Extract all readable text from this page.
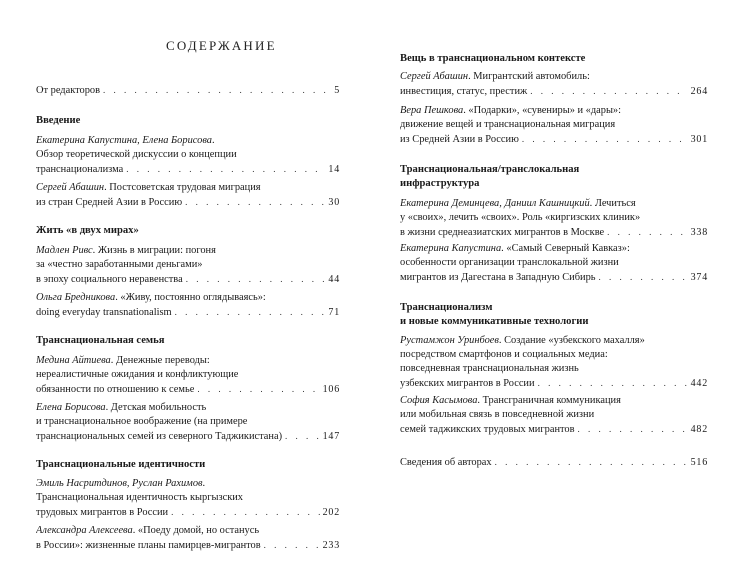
СОДЕРЖАНИЕ
От редакторов . . .	5
Введение
Екатерина Капустина, Елена Борисова.
Обзор теоретической дискуссии о концепции
транснационализма . . .	14
Сергей Абашин. Постсоветская трудовая миграция
из стран Средней Азии в Россию . . .	30
Жить «в двух мирах»
Мадлен Ривс. Жизнь в миграции: погоня
за «честно заработанными деньгами»
в эпоху социального неравенства . . .	44
Ольга Бредникова. «Живу, постоянно оглядываясь»:
doing everyday transnationalism . . .	71
Транснациональная семья
Медина Айтиева. Денежные переводы:
нереалистичные ожидания и конфликтующие
обязанности по отношению к семье . . .	106
Елена Борисова. Детская мобильность
и транснациональное воображение (на примере
транснациональных семей из северного Таджикистана) . . .	147
Транснациональные идентичности
Эмиль Насритдинов, Руслан Рахимов.
Транснациональная идентичность кыргызских
трудовых мигрантов в России . . .	202
Александра Алексеева. «Поеду домой, но останусь
в России»: жизненные планы памирцев-мигрантов . . .	233
Вещь в транснациональном контексте
Сергей Абашин. Мигрантский автомобиль:
инвестиция, статус, престиж . . .	264
Вера Пешкова. «Подарки», «сувениры» и «дары»:
движение вещей и транснациональная миграция
из Средней Азии в Россию . . .	301
Транснациональная/транслокальная
инфраструктура
Екатерина Деминцева, Даниил Кашницкий. Лечиться
у «своих», лечить «своих». Роль «киргизских клиник»
в жизни среднеазиатских мигрантов в Москве . . .	338
Екатерина Капустина. «Самый Северный Кавказ»:
особенности организации транслокальной жизни
мигрантов из Дагестана в Западную Сибирь . . .	374
Транснационализм
и новые коммуникативные технологии
Рустамжон Уринбоев. Создание «узбекского махалля»
посредством смартфонов и социальных медиа:
повседневная транснациональная жизнь
узбекских мигрантов в России . . .	442
София Касымова. Трансграничная коммуникация
или мобильная связь в повседневной жизни
семей таджикских трудовых мигрантов . . .	482
Сведения об авторах . . .	516
